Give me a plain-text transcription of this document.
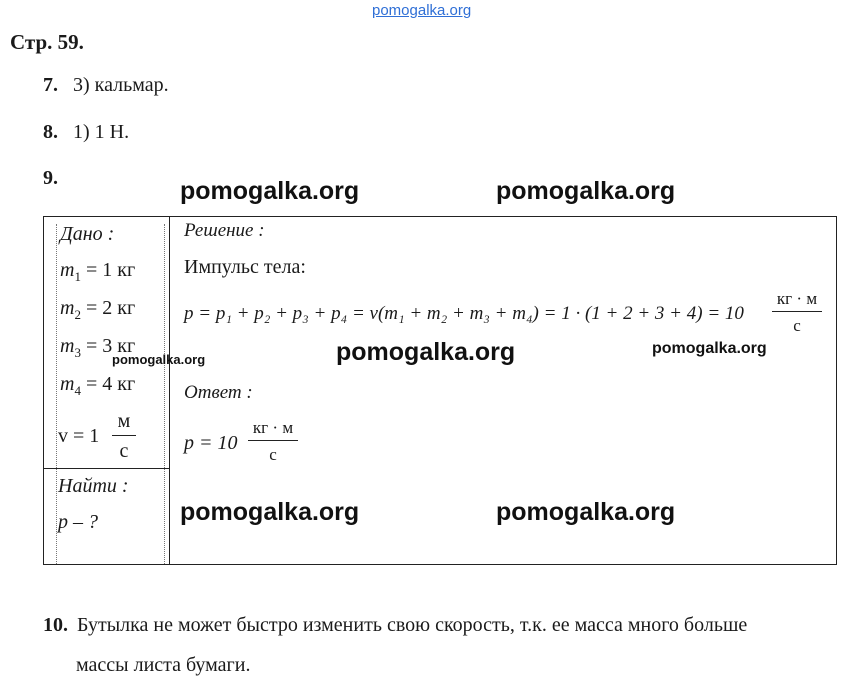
pomogalka.org
Стр. 59.
7. 3) кальмар.
8. 1) 1 Н.
9.	pomogalka.org	pomogalka.org
Дано :
$m_1 = 1$ кг
$m_2 = 2$ кг
$m_3 = 3$ кг
$m_4 = 4$ кг
v = 1
м
с
Найти :
p – ?
pomogalka.org
Решение :
Импульс тела:
p = p₁ + p₂ + p₃ + p₄ = v(m₁ + m₂ + m₃ + m₄) = 1 · (1 + 2 + 3 + 4) = 10
кг · м
с
pomogalka.org	pomogalka.org
Ответ :
p = 10
кг · м
с
pomogalka.org	pomogalka.org
10. Бутылка не может быстро изменить свою скорость, т.к. ее масса много больше
массы листа бумаги.
